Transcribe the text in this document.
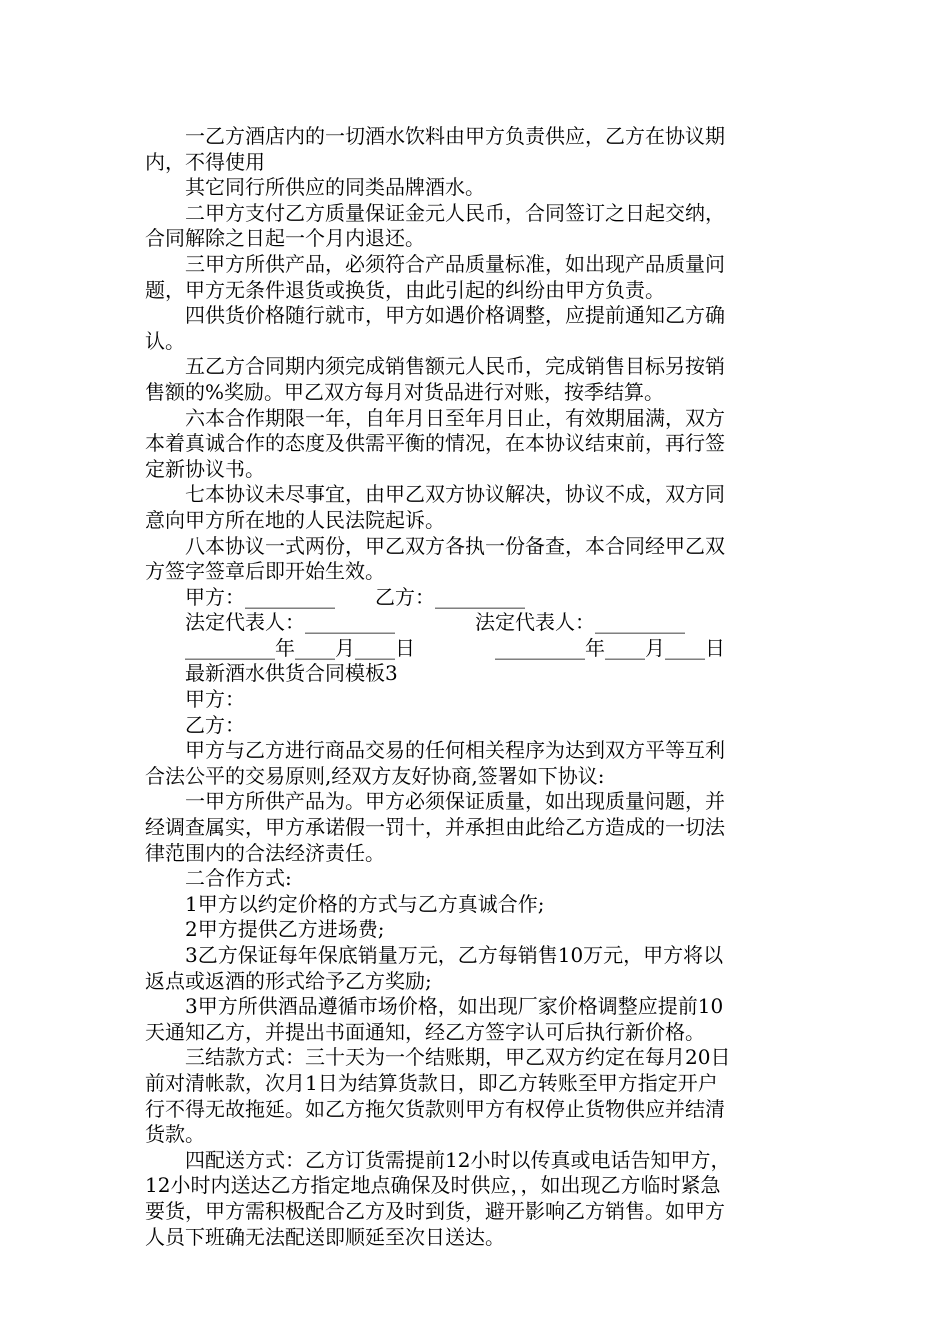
　　一乙方酒店内的一切酒水饮料由甲方负责供应，乙方在协议期
内，不得使用
　　其它同行所供应的同类品牌酒水。
　　二甲方支付乙方质量保证金元人民币，合同签订之日起交纳，
合同解除之日起一个月内退还。
　　三甲方所供产品，必须符合产品质量标准，如出现产品质量问
题，甲方无条件退货或换货，由此引起的纠纷由甲方负责。
　　四供货价格随行就市，甲方如遇价格调整，应提前通知乙方确
认。
　　五乙方合同期内须完成销售额元人民币，完成销售目标另按销
售额的%奖励。甲乙双方每月对货品进行对账，按季结算。
　　六本合作期限一年，自年月日至年月日止，有效期届满，双方
本着真诚合作的态度及供需平衡的情况，在本协议结束前，再行签
定新协议书。
　　七本协议未尽事宜，由甲乙双方协议解决，协议不成，双方同
意向甲方所在地的人民法院起诉。
　　八本协议一式两份，甲乙双方各执一份备查，本合同经甲乙双
方签字签章后即开始生效。
　　甲方：_________　　乙方：_________
　　法定代表人：_________　　　　法定代表人：_________
　　_________年____月____日　　　　_________年____月____日
　　最新酒水供货合同模板3
　　甲方：
　　乙方：
　　甲方与乙方进行商品交易的任何相关程序为达到双方平等互利
合法公平的交易原则,经双方友好协商,签署如下协议:
　　一甲方所供产品为。甲方必须保证质量，如出现质量问题，并
经调查属实，甲方承诺假一罚十，并承担由此给乙方造成的一切法
律范围内的合法经济责任。
　　二合作方式:
　　1甲方以约定价格的方式与乙方真诚合作;
　　2甲方提供乙方进场费;
　　3乙方保证每年保底销量万元，乙方每销售10万元，甲方将以
返点或返酒的形式给予乙方奖励;
　　3甲方所供酒品遵循市场价格，如出现厂家价格调整应提前10
天通知乙方，并提出书面通知，经乙方签字认可后执行新价格。
　　三结款方式：三十天为一个结账期，甲乙双方约定在每月20日
前对清帐款，次月1日为结算货款日，即乙方转账至甲方指定开户
行不得无故拖延。如乙方拖欠货款则甲方有权停止货物供应并结清
货款。
　　四配送方式：乙方订货需提前12小时以传真或电话告知甲方，
12小时内送达乙方指定地点确保及时供应，，如出现乙方临时紧急
要货，甲方需积极配合乙方及时到货，避开影响乙方销售。如甲方
人员下班确无法配送即顺延至次日送达。
